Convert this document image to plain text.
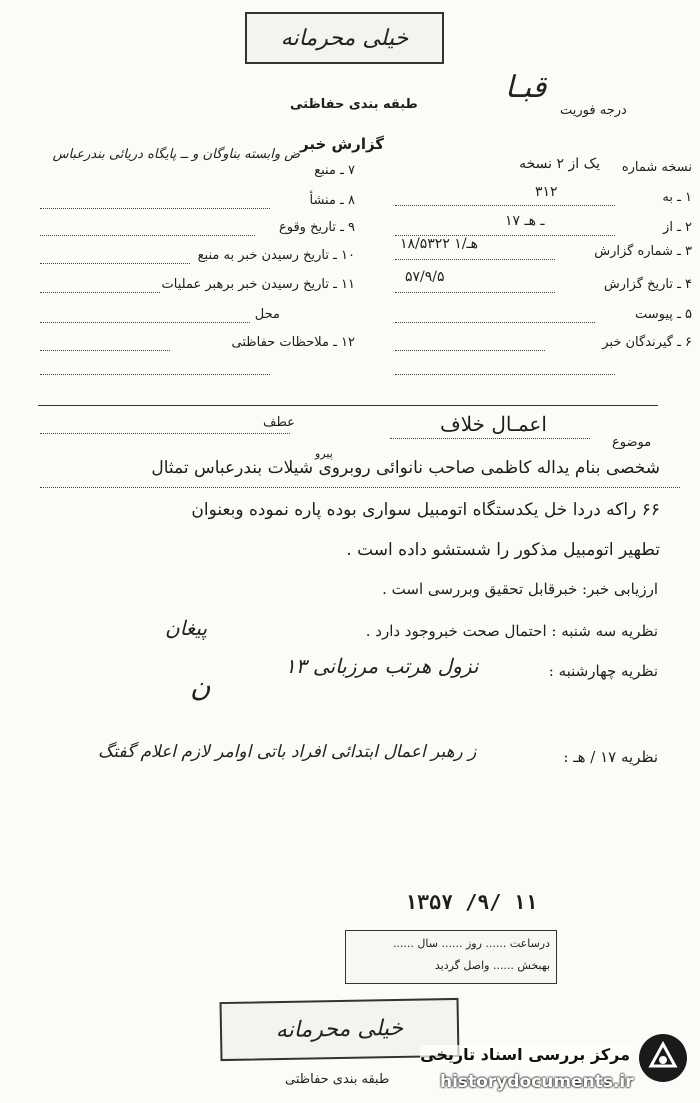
خیلی محرمانه
قبـا
درجه فوریت
طبقه بندی حفاظتی
گزارش خبر
نسخه شماره
یک از ۲ نسخه
۱ ـ به
۳۱۲
۲ ـ از
۱۷ ـ هـ
۳ ـ شماره گزارش
۱۸/۵۳۲۲ هـ/۱
۴ ـ تاریخ گزارش
۵۷/۹/۵
۵ ـ پیوست
۶ ـ گیرندگان خبر
۷ ـ منبع
ض وابسته بناوگان و ــ پایگاه دریائی بندرعباس
۸ ـ منشأ
۹ ـ تاریخ وقوع
۱۰ ـ تاریخ رسیدن خبر به منبع
۱۱ ـ تاریخ رسیدن خبر برهبر عملیات
محل
۱۲ ـ ملاحظات حفاظتی
عطف	اعمـال خلاف
موضوع
پیرو
شخصی بنام یداله کاظمی صاحب نانوائی روبروی شیلات بندرعباس تمثال
۶۶ راکه دردا خل یکدستگاه اتومبیل سواری بوده پاره نموده وبعنوان
تطهیر اتومبیل مذکور را شستشو داده است .
ارزیابی خبر: خبرقابل تحقیق وبررسی است .
نظریه سه شنبه : احتمال صحت خبروجود دارد .
پیغان
نظریه چهارشنبه :
نزول هرتب مرزبانی ۱۳
ن
نظریه ۱۷ / هـ :
ز رهبر اعمال ابتدائی افراد باتی اوامر لازم اعلام گفتگ
۱۳۵۷ /۹/ ۱۱
درساعت ...... روز ...... سال ......
بهبخش ...... واصل گردید
خیلی محرمانه
طبقه بندی حفاظتی
مرکز بررسی اسناد تاریخی
historydocuments.ir
